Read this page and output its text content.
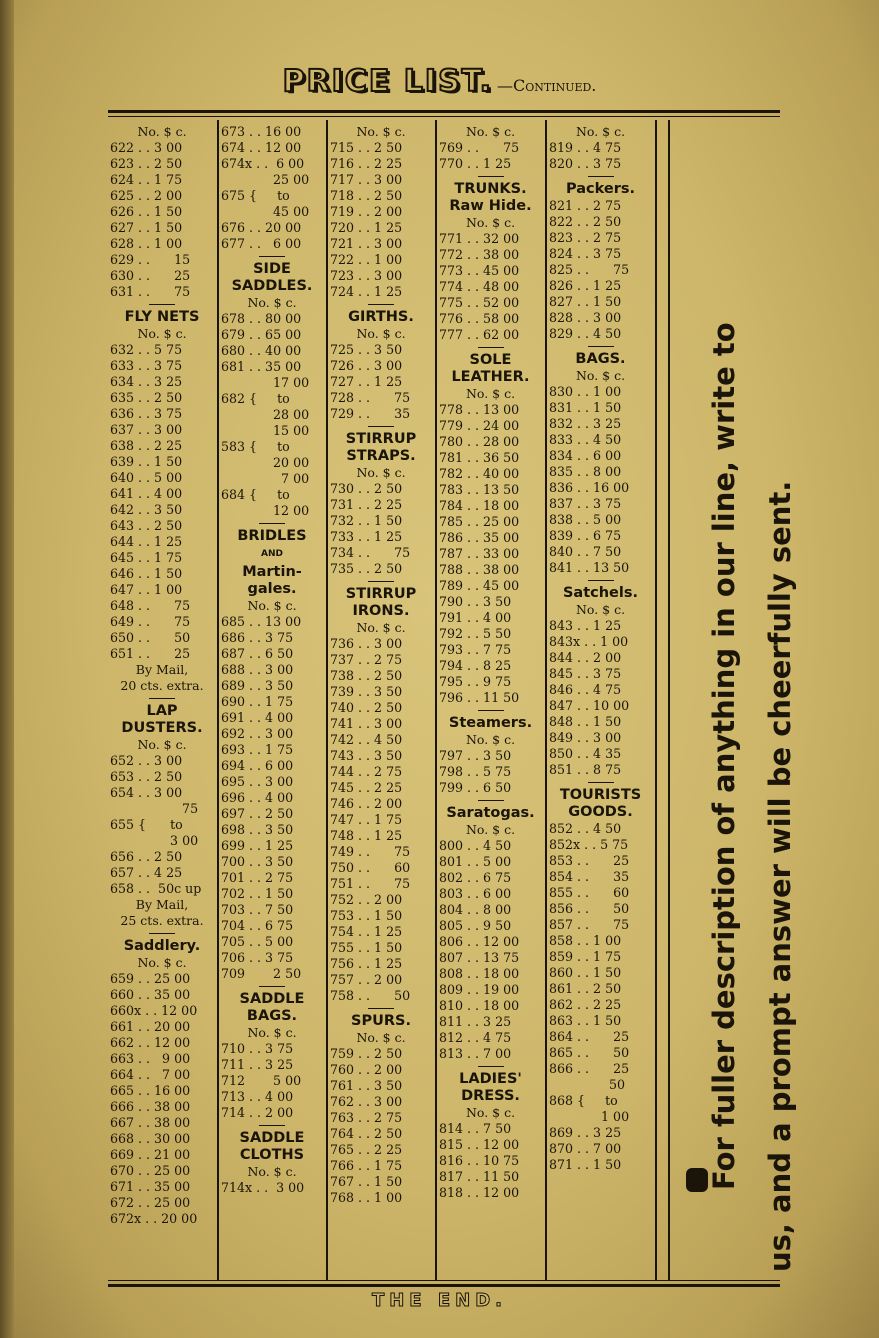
PRICE LIST. —Continued.
No. $ c.
622 . . 3 00
623 . . 2 50
624 . . 1 75
625 . . 2 00
626 . . 1 50
627 . . 1 50
628 . . 1 00
629 . .      15
630 . .      25
631 . .      75
FLY NETS
No. $ c.
632 . . 5 75
633 . . 3 75
634 . . 3 25
635 . . 2 50
636 . . 3 75
637 . . 3 00
638 . . 2 25
639 . . 1 50
640 . . 5 00
641 . . 4 00
642 . . 3 50
643 . . 2 50
644 . . 1 25
645 . . 1 75
646 . . 1 50
647 . . 1 00
648 . .      75
649 . .      75
650 . .      50
651 . .      25
By Mail,
20 cts. extra.
LAP DUSTERS.
No. $ c.
652 . . 3 00
653 . . 2 50
654 . . 3 00
75
655 {      to
3 00
656 . . 2 50
657 . . 4 25
658 . .  50c up
By Mail,
25 cts. extra.
Saddlery.
No. $ c.
659 . . 25 00
660 . . 35 00
660x . . 12 00
661 . . 20 00
662 . . 12 00
663 . .   9 00
664 . .   7 00
665 . . 16 00
666 . . 38 00
667 . . 38 00
668 . . 30 00
669 . . 21 00
670 . . 25 00
671 . . 35 00
672 . . 25 00
672x . . 20 00
673 . . 16 00
674 . . 12 00
674x . .  6 00
25 00
675 {     to
45 00
676 . . 20 00
677 . .   6 00
SIDE SADDLES.
No. $ c.
678 . . 80 00
679 . . 65 00
680 . . 40 00
681 . . 35 00
17 00
682 {     to
28 00
15 00
583 {     to
20 00
7 00
684 {     to
12 00
BRIDLES
AND
Martin-gales.
No. $ c.
685 . . 13 00
686 . . 3 75
687 . . 6 50
688 . . 3 00
689 . . 3 50
690 . . 1 75
691 . . 4 00
692 . . 3 00
693 . . 1 75
694 . . 6 00
695 . . 3 00
696 . . 4 00
697 . . 2 50
698 . . 3 50
699 . . 1 25
700 . . 3 50
701 . . 2 75
702 . . 1 50
703 . . 7 50
704 . . 6 75
705 . . 5 00
706 . . 3 75
709       2 50
SADDLE BAGS.
No. $ c.
710 . . 3 75
711 . . 3 25
712       5 00
713 . . 4 00
714 . . 2 00
SADDLE CLOTHS
No. $ c.
714x . .  3 00
No. $ c.
715 . . 2 50
716 . . 2 25
717 . . 3 00
718 . . 2 50
719 . . 2 00
720 . . 1 25
721 . . 3 00
722 . . 1 00
723 . . 3 00
724 . . 1 25
GIRTHS.
No. $ c.
725 . . 3 50
726 . . 3 00
727 . . 1 25
728 . .      75
729 . .      35
STIRRUP STRAPS.
No. $ c.
730 . . 2 50
731 . . 2 25
732 . . 1 50
733 . . 1 25
734 . .      75
735 . . 2 50
STIRRUP IRONS.
No. $ c.
736 . . 3 00
737 . . 2 75
738 . . 2 50
739 . . 3 50
740 . . 2 50
741 . . 3 00
742 . . 4 50
743 . . 3 50
744 . . 2 75
745 . . 2 25
746 . . 2 00
747 . . 1 75
748 . . 1 25
749 . .      75
750 . .      60
751 . .      75
752 . . 2 00
753 . . 1 50
754 . . 1 25
755 . . 1 50
756 . . 1 25
757 . . 2 00
758 . .      50
SPURS.
No. $ c.
759 . . 2 50
760 . . 2 00
761 . . 3 50
762 . . 3 00
763 . . 2 75
764 . . 2 50
765 . . 2 25
766 . . 1 75
767 . . 1 50
768 . . 1 00
No. $ c.
769 . .      75
770 . . 1 25
TRUNKS. Raw Hide.
No. $ c.
771 . . 32 00
772 . . 38 00
773 . . 45 00
774 . . 48 00
775 . . 52 00
776 . . 58 00
777 . . 62 00
SOLE LEATHER.
No. $ c.
778 . . 13 00
779 . . 24 00
780 . . 28 00
781 . . 36 50
782 . . 40 00
783 . . 13 50
784 . . 18 00
785 . . 25 00
786 . . 35 00
787 . . 33 00
788 . . 38 00
789 . . 45 00
790 . . 3 50
791 . . 4 00
792 . . 5 50
793 . . 7 75
794 . . 8 25
795 . . 9 75
796 . . 11 50
Steamers.
No. $ c.
797 . . 3 50
798 . . 5 75
799 . . 6 50
Saratogas.
No. $ c.
800 . . 4 50
801 . . 5 00
802 . . 6 75
803 . . 6 00
804 . . 8 00
805 . . 9 50
806 . . 12 00
807 . . 13 75
808 . . 18 00
809 . . 19 00
810 . . 18 00
811 . . 3 25
812 . . 4 75
813 . . 7 00
LADIES' DRESS.
No. $ c.
814 . . 7 50
815 . . 12 00
816 . . 10 75
817 . . 11 50
818 . . 12 00
No. $ c.
819 . . 4 75
820 . . 3 75
Packers.
821 . . 2 75
822 . . 2 50
823 . . 2 75
824 . . 3 75
825 . .      75
826 . . 1 25
827 . . 1 50
828 . . 3 00
829 . . 4 50
BAGS.
No. $ c.
830 . . 1 00
831 . . 1 50
832 . . 3 25
833 . . 4 50
834 . . 6 00
835 . . 8 00
836 . . 16 00
837 . . 3 75
838 . . 5 00
839 . . 6 75
840 . . 7 50
841 . . 13 50
Satchels.
No. $ c.
843 . . 1 25
843x . . 1 00
844 . . 2 00
845 . . 3 75
846 . . 4 75
847 . . 10 00
848 . . 1 50
849 . . 3 00
850 . . 4 35
851 . . 8 75
TOURISTS GOODS.
852 . . 4 50
852x . . 5 75
853 . .      25
854 . .      35
855 . .      60
856 . .      50
857 . .      75
858 . . 1 00
859 . . 1 75
860 . . 1 50
861 . . 2 50
862 . . 2 25
863 . . 1 50
864 . .      25
865 . .      50
866 . .      25
50
868 {     to
1 00
869 . . 3 25
870 . . 7 00
871 . . 1 50	For fuller description of anything in our line, write to us, and a prompt answer will be cheerfully sent.
THE END.
